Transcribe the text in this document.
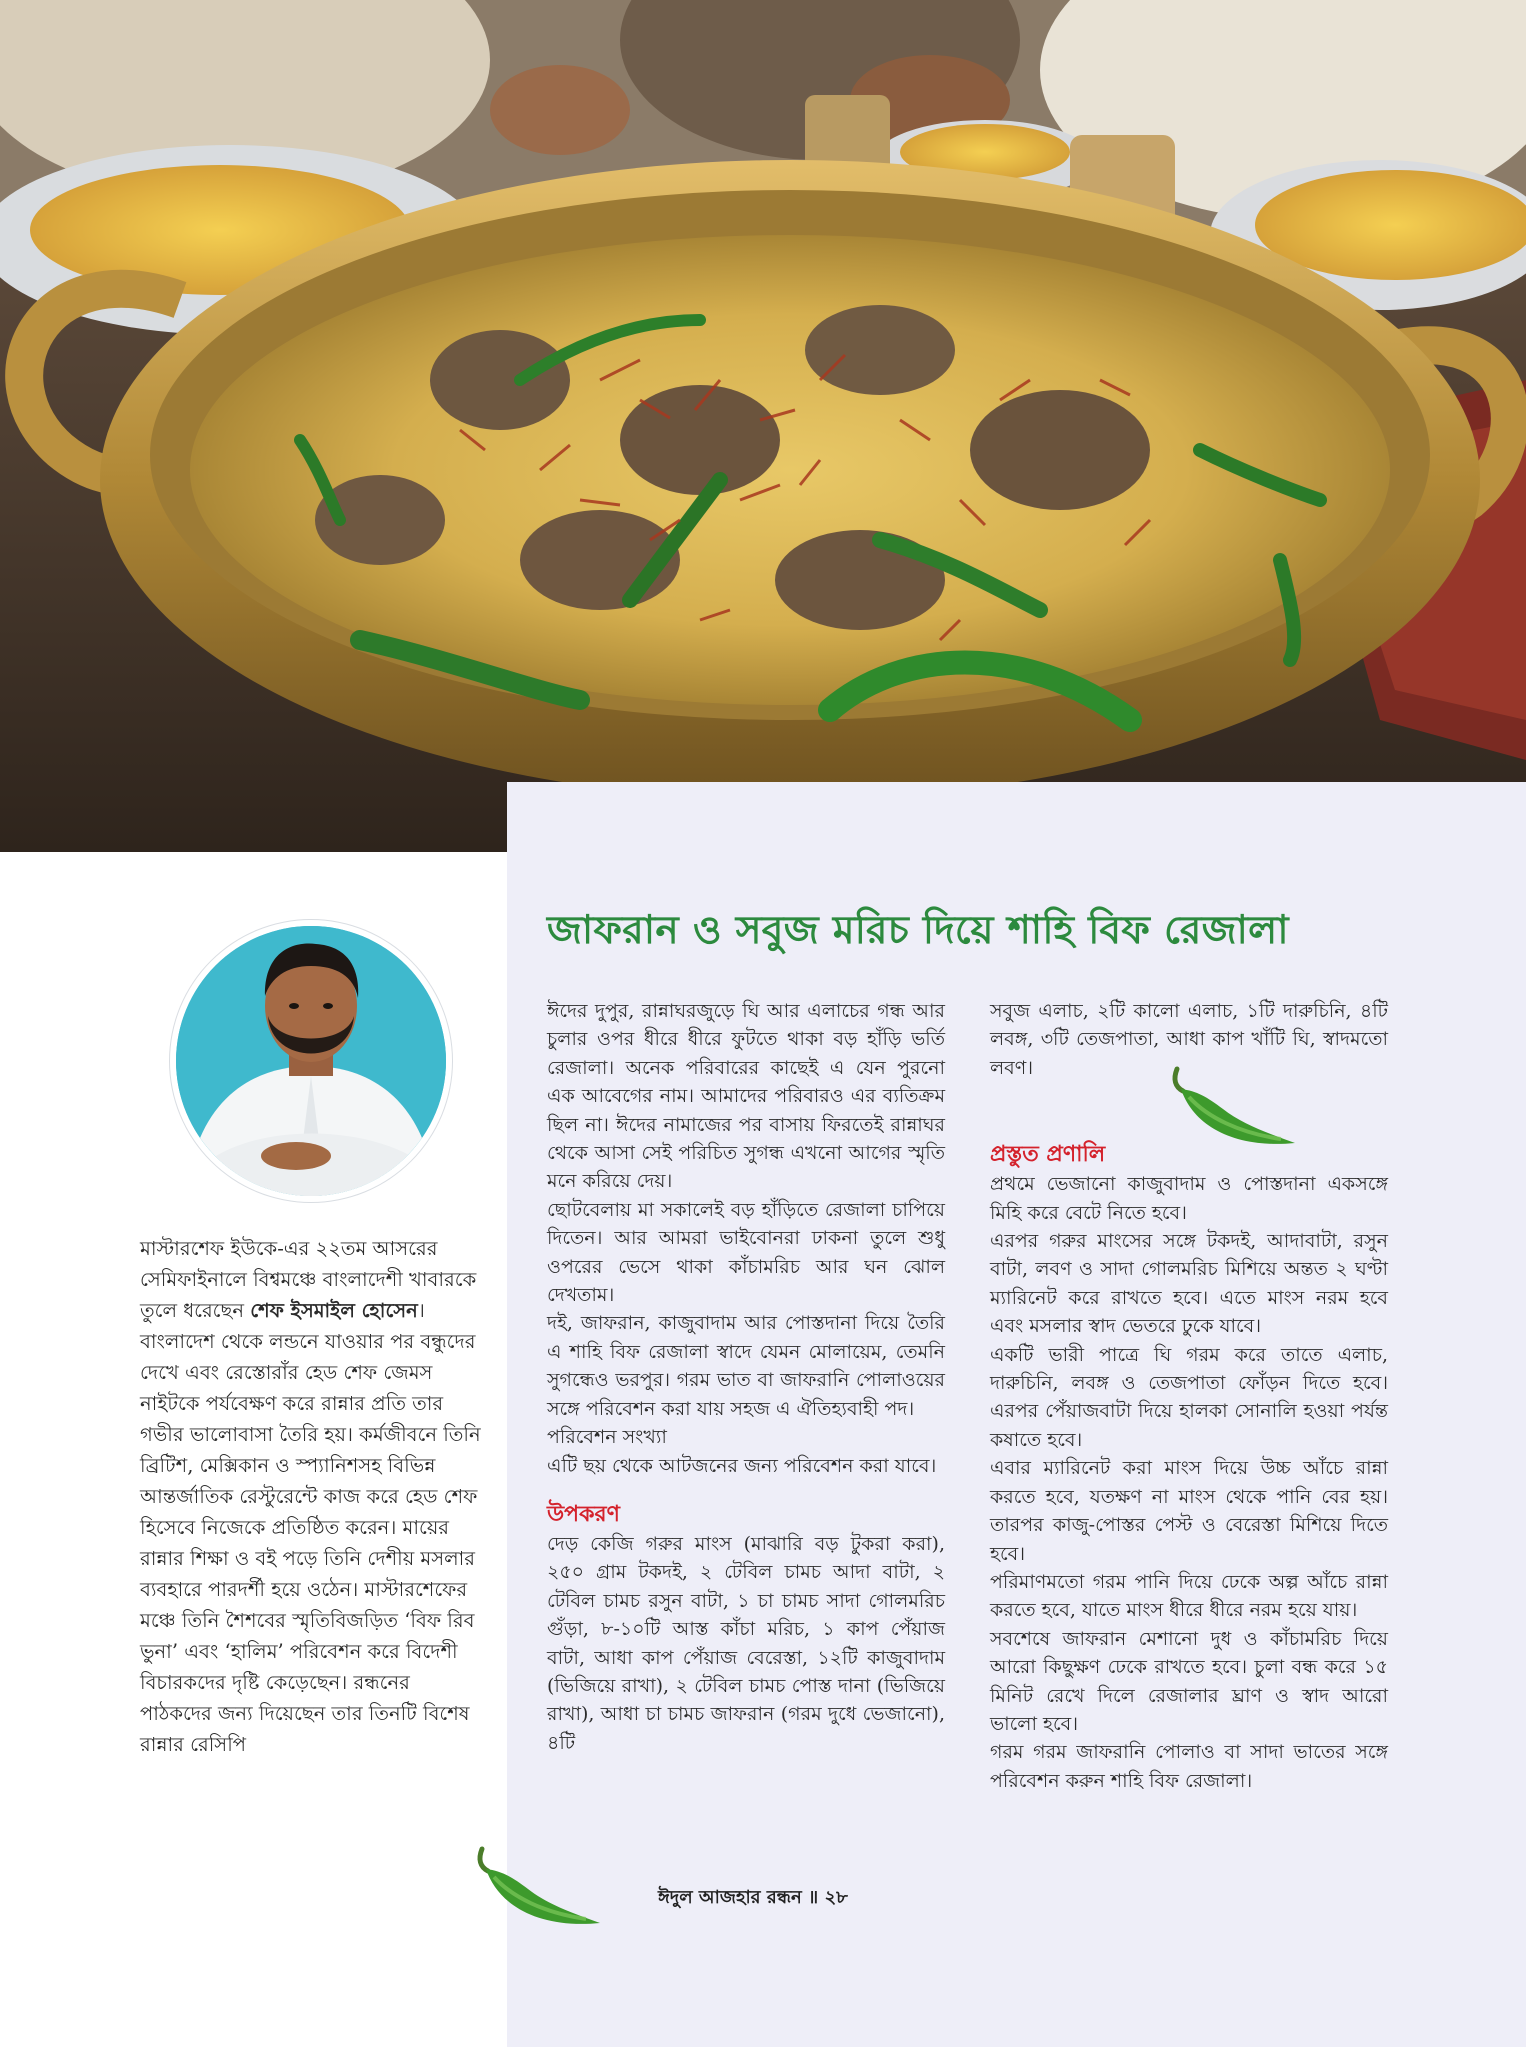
মাস্টারশেফ ইউকে-এর ২২তম আসরের সেমিফাইনালে বিশ্বমঞ্চে বাংলাদেশী খাবারকে তুলে ধরেছেন শেফ ইসমাইল হোসেন। বাংলাদেশ থেকে লন্ডনে যাওয়ার পর বন্ধুদের দেখে এবং রেস্তোরাঁর হেড শেফ জেমস নাইটকে পর্যবেক্ষণ করে রান্নার প্রতি তার গভীর ভালোবাসা তৈরি হয়। কর্মজীবনে তিনি ব্রিটিশ, মেক্সিকান ও স্প্যানিশসহ বিভিন্ন আন্তর্জাতিক রেস্টুরেন্টে কাজ করে হেড শেফ হিসেবে নিজেকে প্রতিষ্ঠিত করেন। মায়ের রান্নার শিক্ষা ও বই পড়ে তিনি দেশীয় মসলার ব্যবহারে পারদর্শী হয়ে ওঠেন। মাস্টারশেফের মঞ্চে তিনি শৈশবের স্মৃতিবিজড়িত ‘বিফ রিব ভুনা’ এবং ‘হালিম’ পরিবেশন করে বিদেশী বিচারকদের দৃষ্টি কেড়েছেন। রন্ধনের পাঠকদের জন্য দিয়েছেন তার তিনটি বিশেষ রান্নার রেসিপি
জাফরান ও সবুজ মরিচ দিয়ে শাহি বিফ রেজালা

ঈদের দুপুর, রান্নাঘরজুড়ে ঘি আর এলাচের গন্ধ আর চুলার ওপর ধীরে ধীরে ফুটতে থাকা বড় হাঁড়ি ভর্তি রেজালা। অনেক পরিবারের কাছেই এ যেন পুরনো এক আবেগের নাম। আমাদের পরিবারও এর ব্যতিক্রম ছিল না। ঈদের নামাজের পর বাসায় ফিরতেই রান্নাঘর থেকে আসা সেই পরিচিত সুগন্ধ এখনো আগের স্মৃতি মনে করিয়ে দেয়।

ছোটবেলায় মা সকালেই বড় হাঁড়িতে রেজালা চাপিয়ে দিতেন। আর আমরা ভাইবোনরা ঢাকনা তুলে শুধু ওপরের ভেসে থাকা কাঁচামরিচ আর ঘন ঝোল দেখতাম।

দই, জাফরান, কাজুবাদাম আর পোস্তদানা দিয়ে তৈরি এ শাহি বিফ রেজালা স্বাদে যেমন মোলায়েম, তেমনি সুগন্ধেও ভরপুর। গরম ভাত বা জাফরানি পোলাওয়ের সঙ্গে পরিবেশন করা যায় সহজ এ ঐতিহ্যবাহী পদ।

পরিবেশন সংখ্যা

এটি ছয় থেকে আটজনের জন্য পরিবেশন করা যাবে।

উপকরণ

দেড় কেজি গরুর মাংস (মাঝারি বড় টুকরা করা), ২৫০ গ্রাম টকদই, ২ টেবিল চামচ আদা বাটা, ২ টেবিল চামচ রসুন বাটা, ১ চা চামচ সাদা গোলমরিচ গুঁড়া, ৮-১০টি আস্ত কাঁচা মরিচ, ১ কাপ পেঁয়াজ বাটা, আধা কাপ পেঁয়াজ বেরেস্তা, ১২টি কাজুবাদাম (ভিজিয়ে রাখা), ২ টেবিল চামচ পোস্ত দানা (ভিজিয়ে রাখা), আধা চা চামচ জাফরান (গরম দুধে ভেজানো), ৪টি

সবুজ এলাচ, ২টি কালো এলাচ, ১টি দারুচিনি, ৪টি লবঙ্গ, ৩টি তেজপাতা, আধা কাপ খাঁটি ঘি, স্বাদমতো লবণ।

প্রস্তুত প্রণালি

প্রথমে ভেজানো কাজুবাদাম ও পোস্তদানা একসঙ্গে মিহি করে বেটে নিতে হবে।

এরপর গরুর মাংসের সঙ্গে টকদই, আদাবাটা, রসুন বাটা, লবণ ও সাদা গোলমরিচ মিশিয়ে অন্তত ২ ঘণ্টা ম্যারিনেট করে রাখতে হবে। এতে মাংস নরম হবে এবং মসলার স্বাদ ভেতরে ঢুকে যাবে।

একটি ভারী পাত্রে ঘি গরম করে তাতে এলাচ, দারুচিনি, লবঙ্গ ও তেজপাতা ফোঁড়ন দিতে হবে। এরপর পেঁয়াজবাটা দিয়ে হালকা সোনালি হওয়া পর্যন্ত কষাতে হবে।

এবার ম্যারিনেট করা মাংস দিয়ে উচ্চ আঁচে রান্না করতে হবে, যতক্ষণ না মাংস থেকে পানি বের হয়। তারপর কাজু-পোস্তর পেস্ট ও বেরেস্তা মিশিয়ে দিতে হবে।

পরিমাণমতো গরম পানি দিয়ে ঢেকে অল্প আঁচে রান্না করতে হবে, যাতে মাংস ধীরে ধীরে নরম হয়ে যায়।

সবশেষে জাফরান মেশানো দুধ ও কাঁচামরিচ দিয়ে আরো কিছুক্ষণ ঢেকে রাখতে হবে। চুলা বন্ধ করে ১৫ মিনিট রেখে দিলে রেজালার ঘ্রাণ ও স্বাদ আরো ভালো হবে।

গরম গরম জাফরানি পোলাও বা সাদা ভাতের সঙ্গে পরিবেশন করুন শাহি বিফ রেজালা।

ঈদুল আজহার রন্ধন ॥ ২৮
